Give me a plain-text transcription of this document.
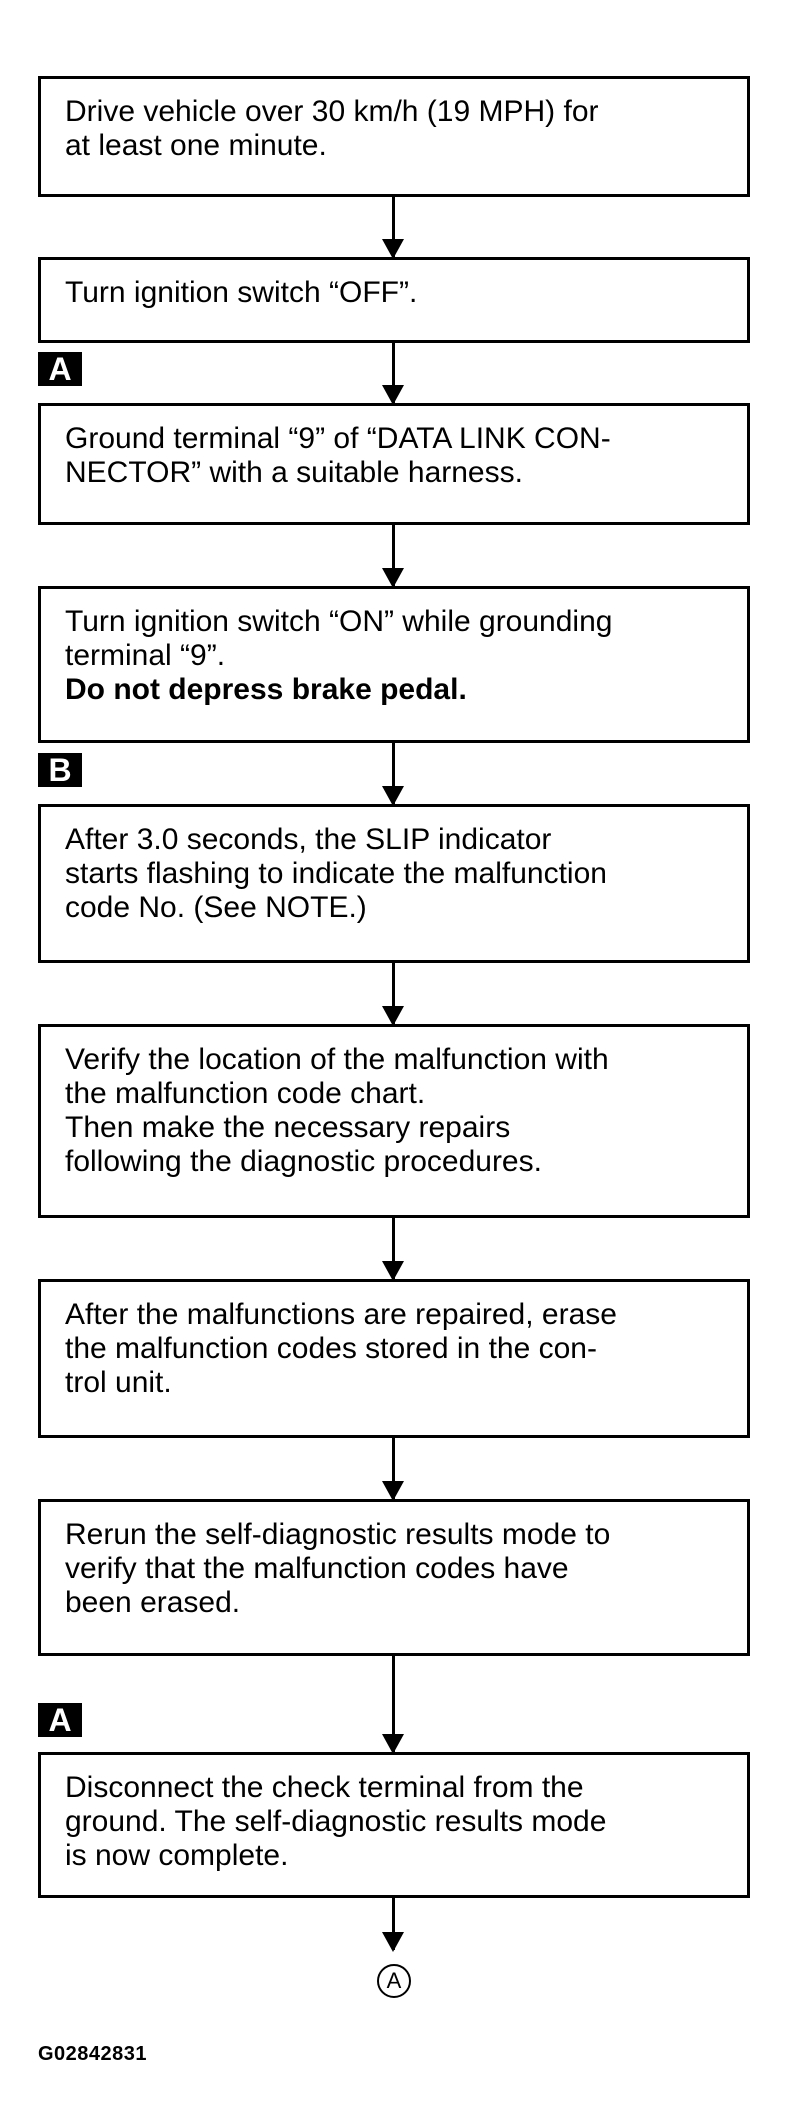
Drive vehicle over 30 km/h (19 MPH) for
at least one minute.
Turn ignition switch “OFF”.
A
Ground terminal “9” of “DATA LINK CON-
NECTOR” with a suitable harness.
Turn ignition switch “ON” while grounding
terminal “9”.
Do not depress brake pedal.
B
After 3.0 seconds, the SLIP indicator
starts flashing to indicate the malfunction
code No. (See NOTE.)
Verify the location of the malfunction with
the malfunction code chart.
Then make the necessary repairs
following the diagnostic procedures.
After the malfunctions are repaired, erase
the malfunction codes stored in the con-
trol unit.
Rerun the self-diagnostic results mode to
verify that the malfunction codes have
been erased.
A
Disconnect the check terminal from the
ground. The self-diagnostic results mode
is now complete.
A
G02842831
